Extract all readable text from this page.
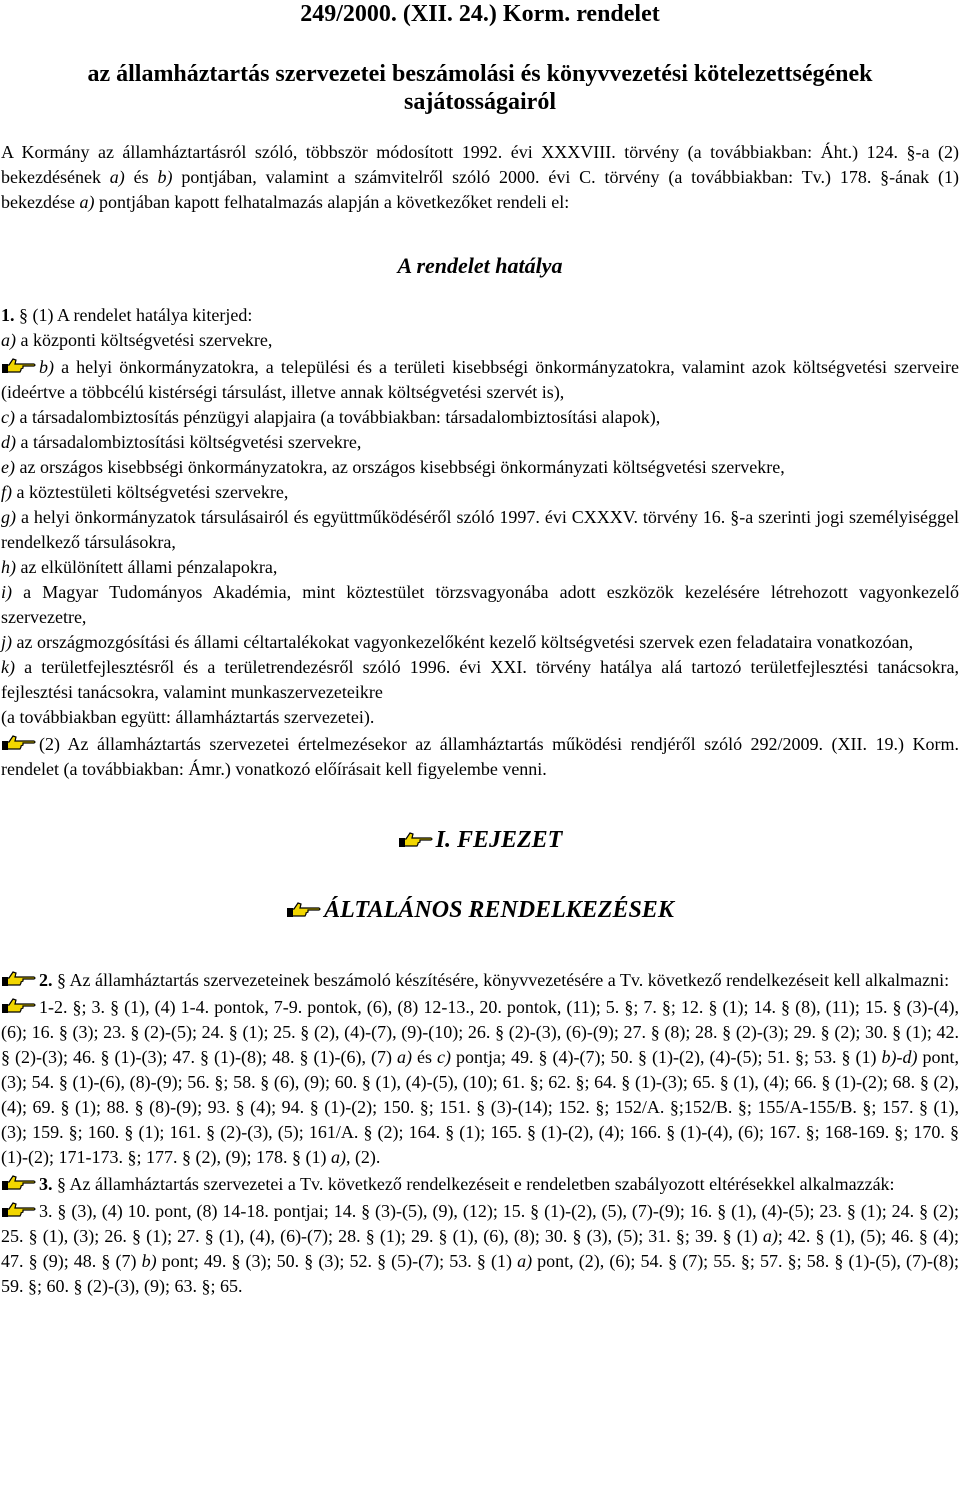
249/2000. (XII. 24.) Korm. rendelet
az államháztartás szervezetei beszámolási és könyvvezetési kötelezettségének
sajátosságairól

A Kormány az államháztartásról szóló, többször módosított 1992. évi XXXVIII. törvény (a továbbiakban: Áht.) 124. §-a (2) bekezdésének a) és b) pontjában, valamint a számvitelről szóló 2000. évi C. törvény (a továbbiakban: Tv.) 178. §-ának (1) bekezdése a) pontjában kapott felhatalmazás alapján a következőket rendeli el:

A rendelet hatálya

1. § (1) A rendelet hatálya kiterjed:

a) a központi költségvetési szervekre,

b) a helyi önkormányzatokra, a települési és a területi kisebbségi önkormányzatokra, valamint azok költségvetési szerveire (ideértve a többcélú kistérségi társulást, illetve annak költségvetési szervét is),

c) a társadalombiztosítás pénzügyi alapjaira (a továbbiakban: társadalombiztosítási alapok),

d) a társadalombiztosítási költségvetési szervekre,

e) az országos kisebbségi önkormányzatokra, az országos kisebbségi önkormányzati költségvetési szervekre,

f) a köztestületi költségvetési szervekre,

g) a helyi önkormányzatok társulásairól és együttműködéséről szóló 1997. évi CXXXV. törvény 16. §-a szerinti jogi személyiséggel rendelkező társulásokra,

h) az elkülönített állami pénzalapokra,

i) a Magyar Tudományos Akadémia, mint köztestület törzsvagyonába adott eszközök kezelésére létrehozott vagyonkezelő szervezetre,

j) az országmozgósítási és állami céltartalékokat vagyonkezelőként kezelő költségvetési szervek ezen feladataira vonatkozóan,

k) a területfejlesztésről és a területrendezésről szóló 1996. évi XXI. törvény hatálya alá tartozó területfejlesztési tanácsokra, fejlesztési tanácsokra, valamint munkaszervezeteikre

(a továbbiakban együtt: államháztartás szervezetei).

(2) Az államháztartás szervezetei értelmezésekor az államháztartás működési rendjéről szóló 292/2009. (XII. 19.) Korm. rendelet (a továbbiakban: Ámr.) vonatkozó előírásait kell figyelembe venni.

I. FEJEZET
ÁLTALÁNOS RENDELKEZÉSEK

2. § Az államháztartás szervezeteinek beszámoló készítésére, könyvvezetésére a Tv. következő rendelkezéseit kell alkalmazni:

1-2. §; 3. § (1), (4) 1-4. pontok, 7-9. pontok, (6), (8) 12-13., 20. pontok, (11); 5. §; 7. §; 12. § (1); 14. § (8), (11); 15. § (3)-(4), (6); 16. § (3); 23. § (2)-(5); 24. § (1); 25. § (2), (4)-(7), (9)-(10); 26. § (2)-(3), (6)-(9); 27. § (8); 28. § (2)-(3); 29. § (2); 30. § (1); 42. § (2)-(3); 46. § (1)-(3); 47. § (1)-(8); 48. § (1)-(6), (7) a) és c) pontja; 49. § (4)-(7); 50. § (1)-(2), (4)-(5); 51. §; 53. § (1) b)-d) pont, (3); 54. § (1)-(6), (8)-(9); 56. §; 58. § (6), (9); 60. § (1), (4)-(5), (10); 61. §; 62. §; 64. § (1)-(3); 65. § (1), (4); 66. § (1)-(2); 68. § (2), (4); 69. § (1); 88. § (8)-(9); 93. § (4); 94. § (1)-(2); 150. §; 151. § (3)-(14); 152. §; 152/A. §;152/B. §; 155/A-155/B. §; 157. § (1), (3); 159. §; 160. § (1); 161. § (2)-(3), (5); 161/A. § (2); 164. § (1); 165. § (1)-(2), (4); 166. § (1)-(4), (6); 167. §; 168-169. §; 170. § (1)-(2); 171-173. §; 177. § (2), (9); 178. § (1) a), (2).

3. § Az államháztartás szervezetei a Tv. következő rendelkezéseit e rendeletben szabályozott eltérésekkel alkalmazzák:

3. § (3), (4) 10. pont, (8) 14-18. pontjai; 14. § (3)-(5), (9), (12); 15. § (1)-(2), (5), (7)-(9); 16. § (1), (4)-(5); 23. § (1); 24. § (2); 25. § (1), (3); 26. § (1); 27. § (1), (4), (6)-(7); 28. § (1); 29. § (1), (6), (8); 30. § (3), (5); 31. §; 39. § (1) a); 42. § (1), (5); 46. § (4); 47. § (9); 48. § (7) b) pont; 49. § (3); 50. § (3); 52. § (5)-(7); 53. § (1) a) pont, (2), (6); 54. § (7); 55. §; 57. §; 58. § (1)-(5), (7)-(8); 59. §; 60. § (2)-(3), (9); 63. §; 65.
